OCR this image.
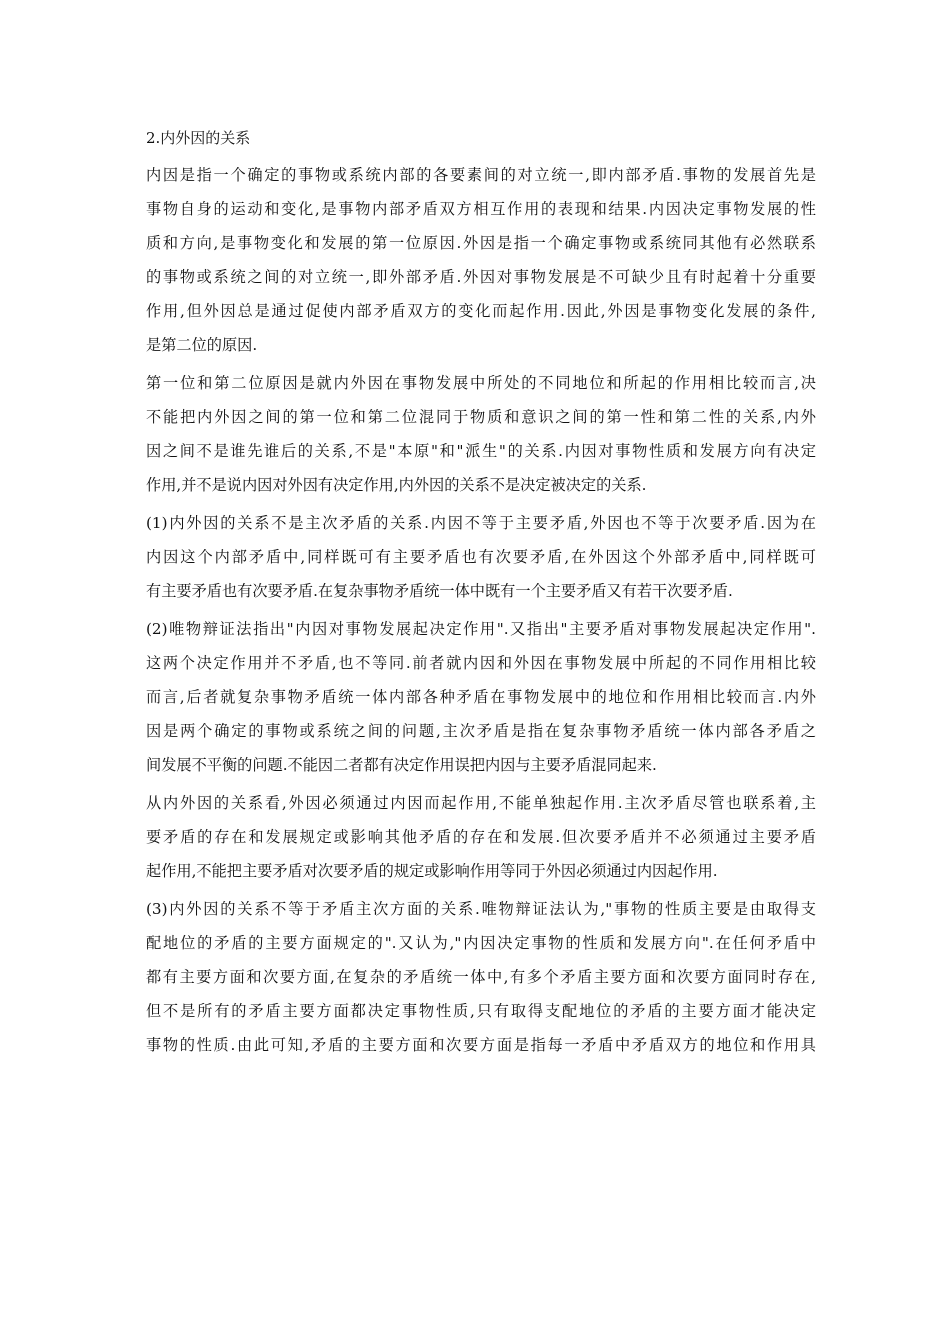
2.内外因的关系
内因是指一个确定的事物或系统内部的各要素间的对立统一,即内部矛盾.事物的发展首先是
事物自身的运动和变化,是事物内部矛盾双方相互作用的表现和结果.内因决定事物发展的性
质和方向,是事物变化和发展的第一位原因.外因是指一个确定事物或系统同其他有必然联系
的事物或系统之间的对立统一,即外部矛盾.外因对事物发展是不可缺少且有时起着十分重要
作用,但外因总是通过促使内部矛盾双方的变化而起作用.因此,外因是事物变化发展的条件,
是第二位的原因.
第一位和第二位原因是就内外因在事物发展中所处的不同地位和所起的作用相比较而言,决
不能把内外因之间的第一位和第二位混同于物质和意识之间的第一性和第二性的关系,内外
因之间不是谁先谁后的关系,不是"本原"和"派生"的关系.内因对事物性质和发展方向有决定
作用,并不是说内因对外因有决定作用,内外因的关系不是决定被决定的关系.
(1)内外因的关系不是主次矛盾的关系.内因不等于主要矛盾,外因也不等于次要矛盾.因为在
内因这个内部矛盾中,同样既可有主要矛盾也有次要矛盾,在外因这个外部矛盾中,同样既可
有主要矛盾也有次要矛盾.在复杂事物矛盾统一体中既有一个主要矛盾又有若干次要矛盾.
(2)唯物辩证法指出"内因对事物发展起决定作用".又指出"主要矛盾对事物发展起决定作用".
这两个决定作用并不矛盾,也不等同.前者就内因和外因在事物发展中所起的不同作用相比较
而言,后者就复杂事物矛盾统一体内部各种矛盾在事物发展中的地位和作用相比较而言.内外
因是两个确定的事物或系统之间的问题,主次矛盾是指在复杂事物矛盾统一体内部各矛盾之
间发展不平衡的问题.不能因二者都有决定作用误把内因与主要矛盾混同起来.
从内外因的关系看,外因必须通过内因而起作用,不能单独起作用.主次矛盾尽管也联系着,主
要矛盾的存在和发展规定或影响其他矛盾的存在和发展.但次要矛盾并不必须通过主要矛盾
起作用,不能把主要矛盾对次要矛盾的规定或影响作用等同于外因必须通过内因起作用.
(3)内外因的关系不等于矛盾主次方面的关系.唯物辩证法认为,"事物的性质主要是由取得支
配地位的矛盾的主要方面规定的".又认为,"内因决定事物的性质和发展方向".在任何矛盾中
都有主要方面和次要方面,在复杂的矛盾统一体中,有多个矛盾主要方面和次要方面同时存在,
但不是所有的矛盾主要方面都决定事物性质,只有取得支配地位的矛盾的主要方面才能决定
事物的性质.由此可知,矛盾的主要方面和次要方面是指每一矛盾中矛盾双方的地位和作用具
